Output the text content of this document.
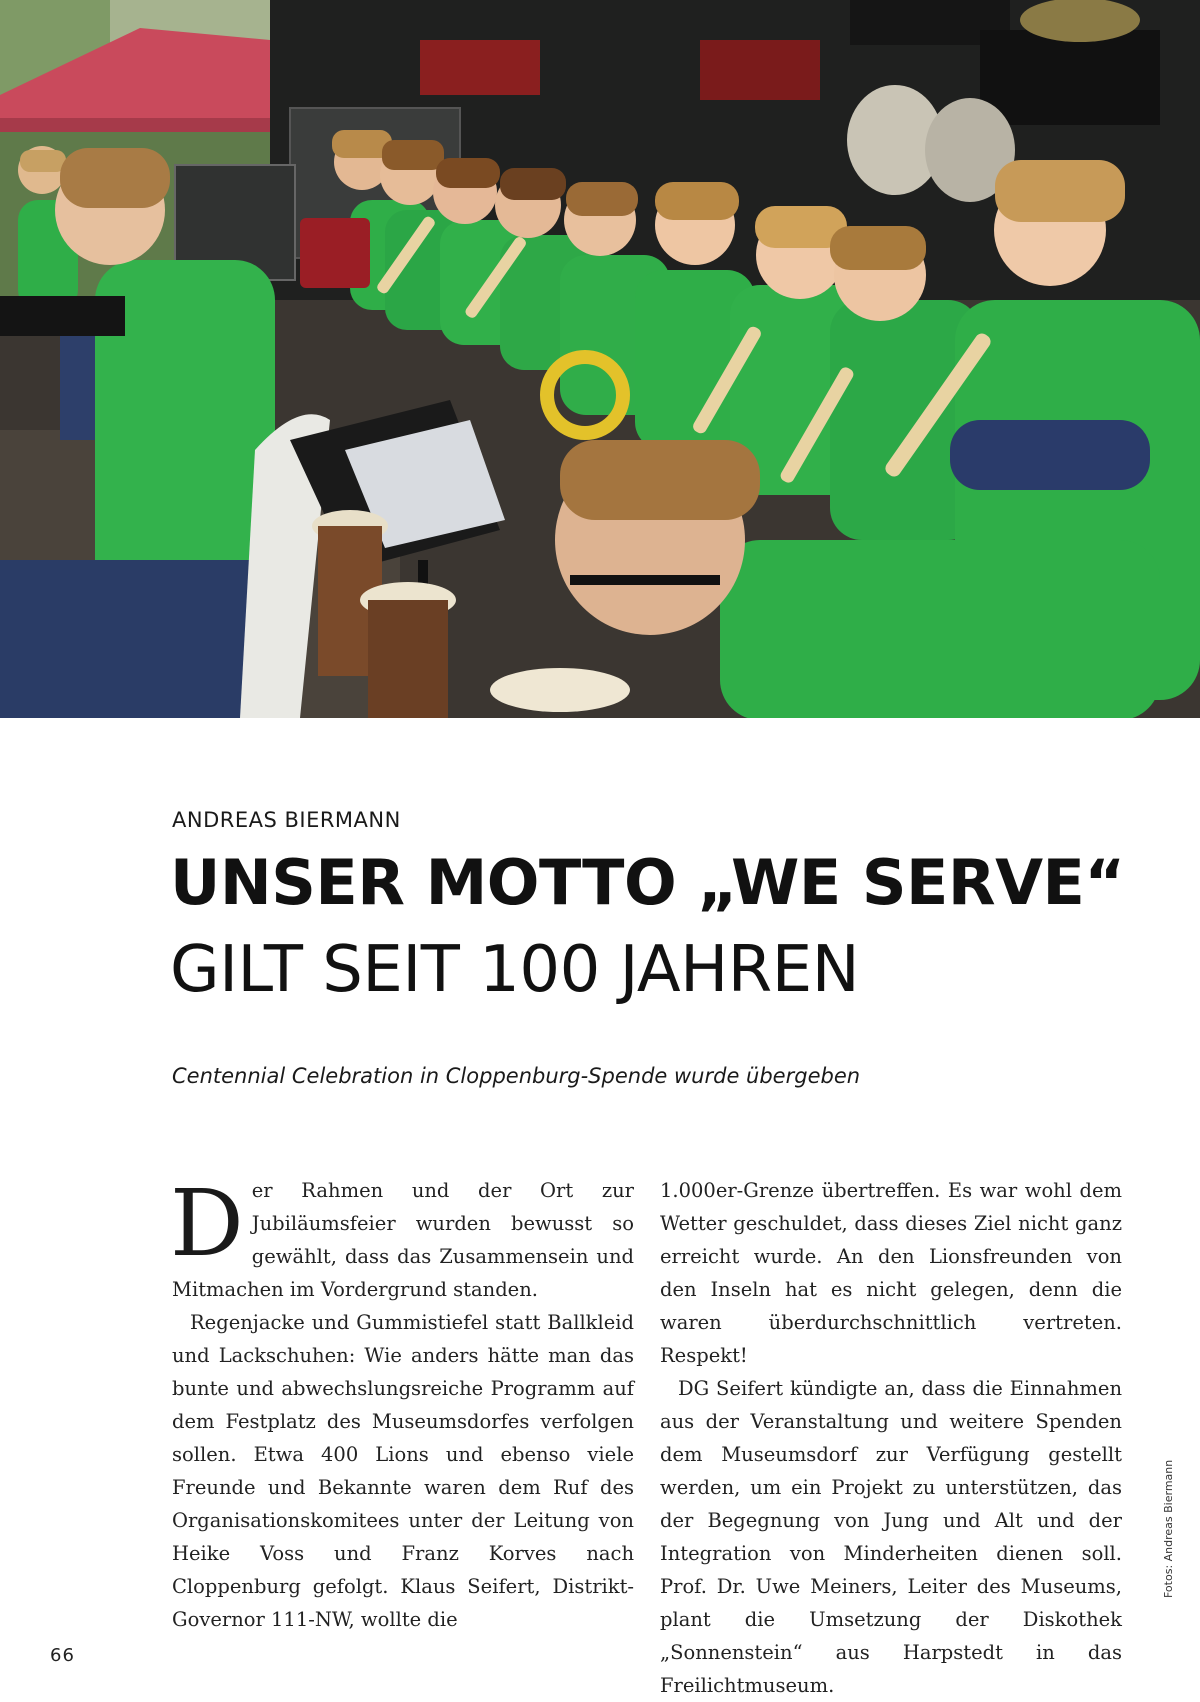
ANDREAS BIERMANN
UNSER MOTTO „WE SERVE“
GILT SEIT 100 JAHREN
Centennial Celebration in Cloppenburg-Spende wurde übergeben

Der Rahmen und der Ort zur Jubiläumsfeier wurden bewusst so gewählt, dass das Zusammensein und Mitmachen im Vordergrund standen.

Regenjacke und Gummistiefel statt Ballkleid und Lackschuhen: Wie anders hätte man das bunte und abwechslungsreiche Programm auf dem Festplatz des Museumsdorfes verfolgen sollen. Etwa 400 Lions und ebenso viele Freunde und Bekannte waren dem Ruf des Organisationskomitees unter der Leitung von Heike Voss und Franz Korves nach Cloppenburg gefolgt. Klaus Seifert, Distrikt-Governor 111-NW, wollte die

1.000er-Grenze übertreffen. Es war wohl dem Wetter geschuldet, dass dieses Ziel nicht ganz erreicht wurde. An den Lionsfreunden von den Inseln hat es nicht gelegen, denn die waren überdurchschnittlich vertreten. Respekt!

DG Seifert kündigte an, dass die Einnahmen aus der Veranstaltung und weitere Spenden dem Museumsdorf zur Verfügung gestellt werden, um ein Projekt zu unterstützen, das der Begegnung von Jung und Alt und der Integration von Minderheiten dienen soll. Prof. Dr. Uwe Meiners, Leiter des Museums, plant die Umsetzung der Diskothek „Sonnenstein“ aus Harpstedt in das Freilichtmuseum.

66
Fotos: Andreas Biermann
